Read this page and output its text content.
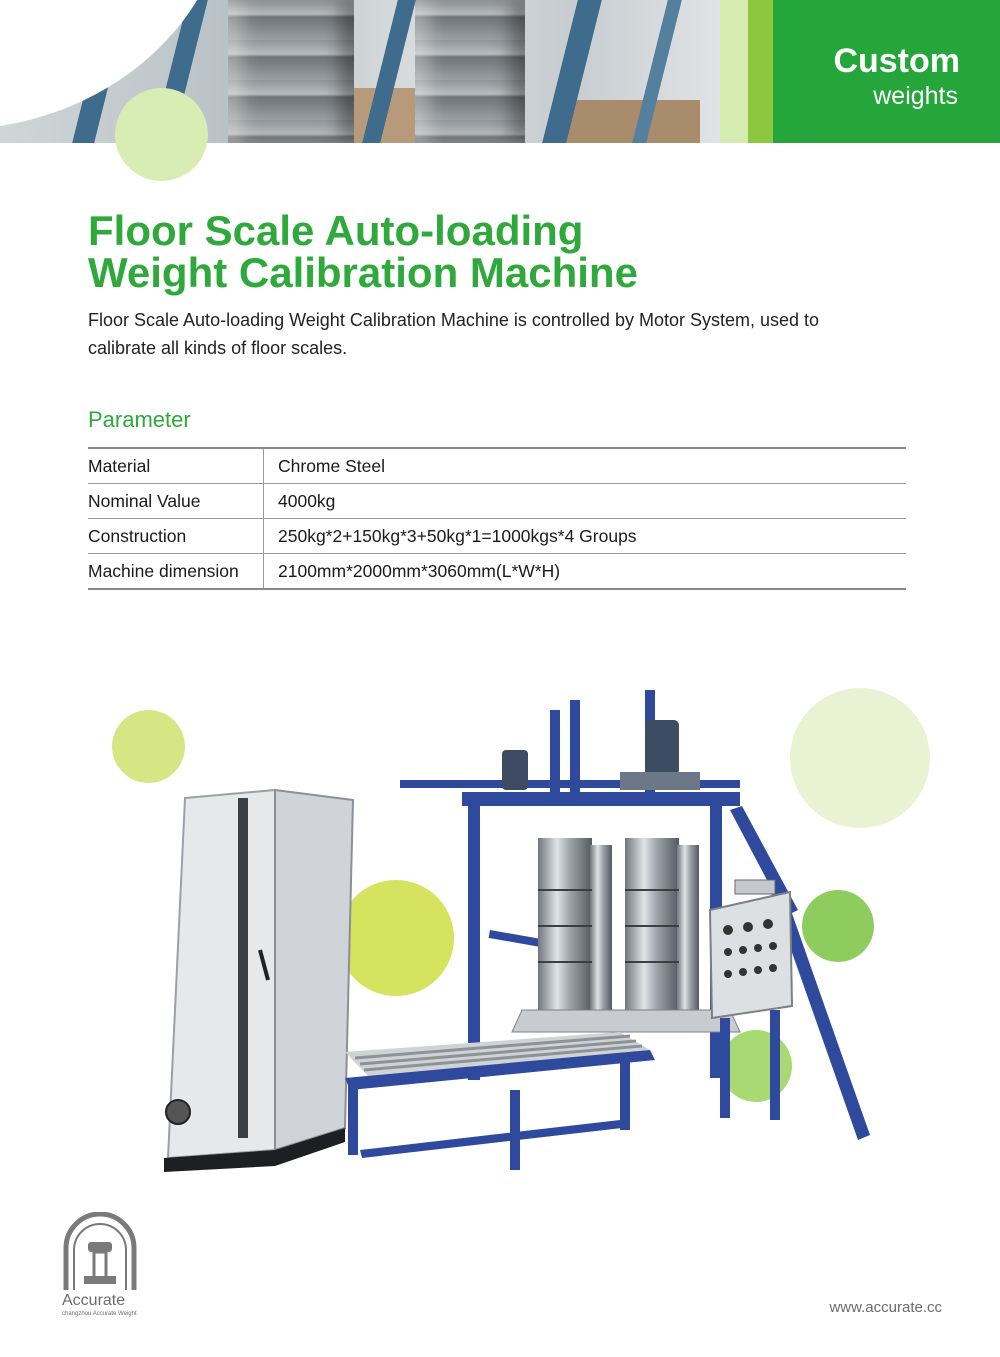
Custom
weights
Floor Scale Auto-loading
Weight Calibration Machine

Floor Scale Auto-loading Weight Calibration Machine is controlled by Motor System, used to calibrate all kinds of floor scales.

Parameter
Material	Chrome Steel
Nominal Value	4000kg
Construction	250kg*2+150kg*3+50kg*1=1000kgs*4 Groups
Machine dimension	2100mm*2000mm*3060mm(L*W*H)
Accurate
changzhou Accurate Weight	www.accurate.cc
